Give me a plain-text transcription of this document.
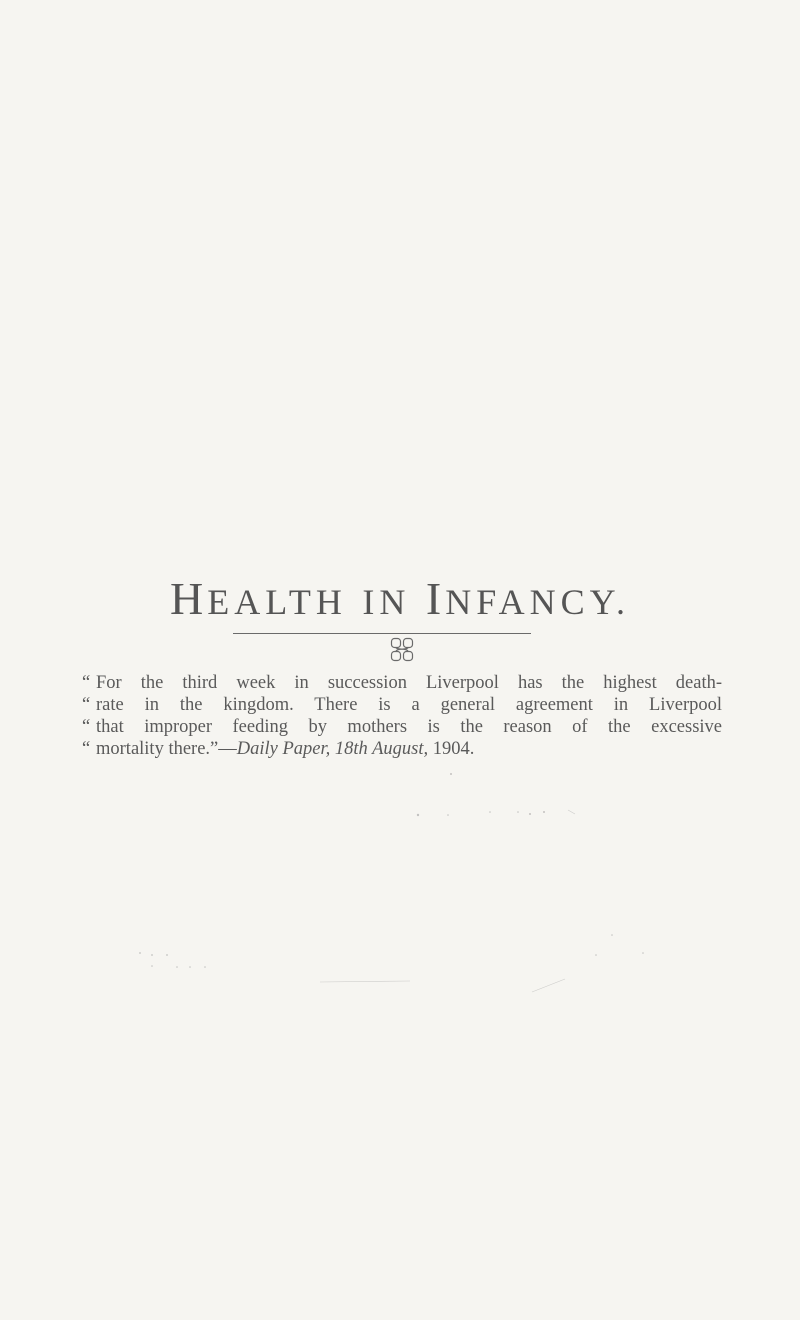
HEALTH IN INFANCY.
“ For the third week in succession Liverpool has the highest death-
“ rate in the kingdom. There is a general agreement in Liverpool
“ that improper feeding by mothers is the reason of the excessive
“ mortality there.”—Daily Paper, 18th August, 1904.
